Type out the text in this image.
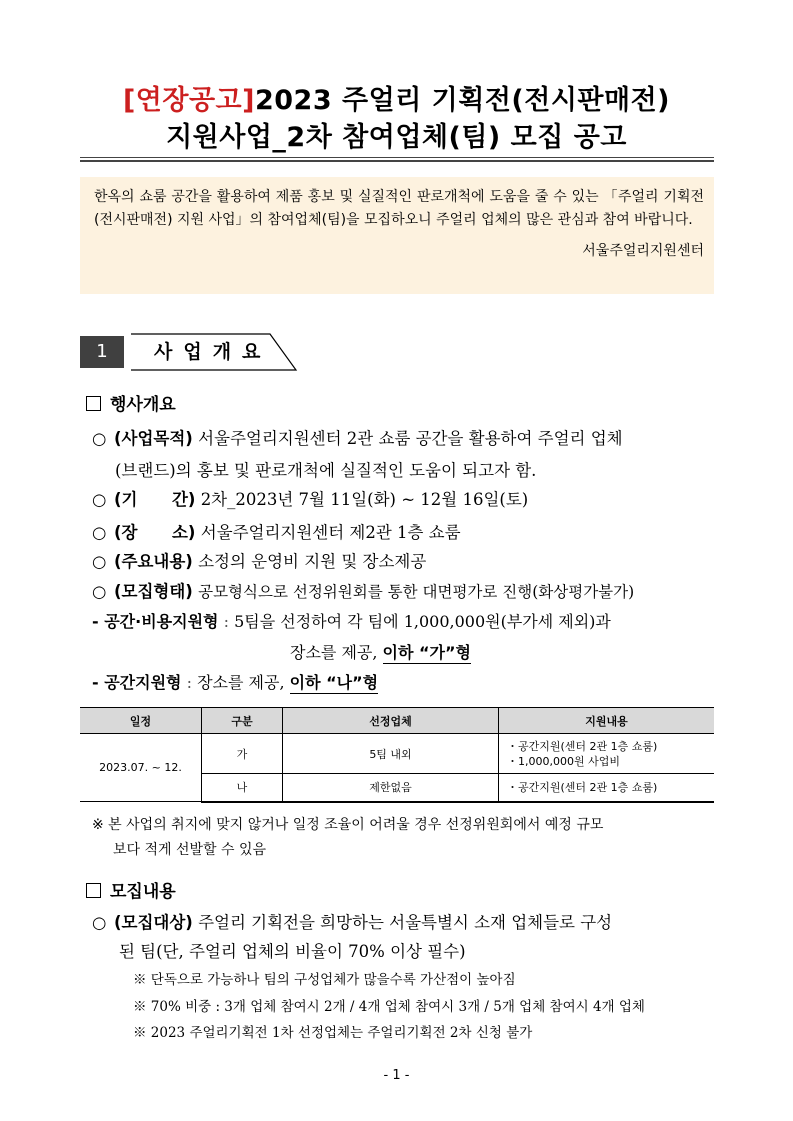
[연장공고]2023 주얼리 기획전(전시판매전)
지원사업_2차 참여업체(팀) 모집 공고
한옥의 쇼룸 공간을 활용하여 제품 홍보 및 실질적인 판로개척에 도움을 줄 수 있는 「주얼리 기획전(전시판매전) 지원 사업」의 참여업체(팀)을 모집하오니 주얼리 업체의 많은 관심과 참여 바랍니다.
서울주얼리지원센터
1	사업개요
행사개요
○ (사업목적) 서울주얼리지원센터 2관 쇼룸 공간을 활용하여 주얼리 업체
(브랜드)의 홍보 및 판로개척에 실질적인 도움이 되고자 함.
○ (기      간) 2차_2023년 7월 11일(화) ~ 12월 16일(토)
○ (장      소) 서울주얼리지원센터 제2관 1층 쇼룸
○ (주요내용) 소정의 운영비 지원 및 장소제공
○ (모집형태) 공모형식으로 선정위원회를 통한 대면평가로 진행(화상평가불가)
- 공간·비용지원형 : 5팀을 선정하여 각 팀에 1,000,000원(부가세 제외)과
장소를 제공, 이하 “가”형
- 공간지원형 : 장소를 제공, 이하 “나”형
일정	구분	선정업체	지원내용
2023.07. ~ 12.	가	5팀 내외	・공간지원(센터 2관 1층 쇼룸)
・1,000,000원 사업비

	나	제한없음	・공간지원(센터 2관 1층 쇼룸)
※ 본 사업의 취지에 맞지 않거나 일정 조율이 어려울 경우 선정위원회에서 예정 규모
보다 적게 선발할 수 있음
모집내용
○ (모집대상) 주얼리 기획전을 희망하는 서울특별시 소재 업체들로 구성
된 팀(단, 주얼리 업체의 비율이 70% 이상 필수)
※ 단독으로 가능하나 팀의 구성업체가 많을수록 가산점이 높아짐
※ 70% 비중 : 3개 업체 참여시 2개 / 4개 업체 참여시 3개 / 5개 업체 참여시 4개 업체
※ 2023 주얼리기획전 1차 선정업체는 주얼리기획전 2차 신청 불가
- 1 -
